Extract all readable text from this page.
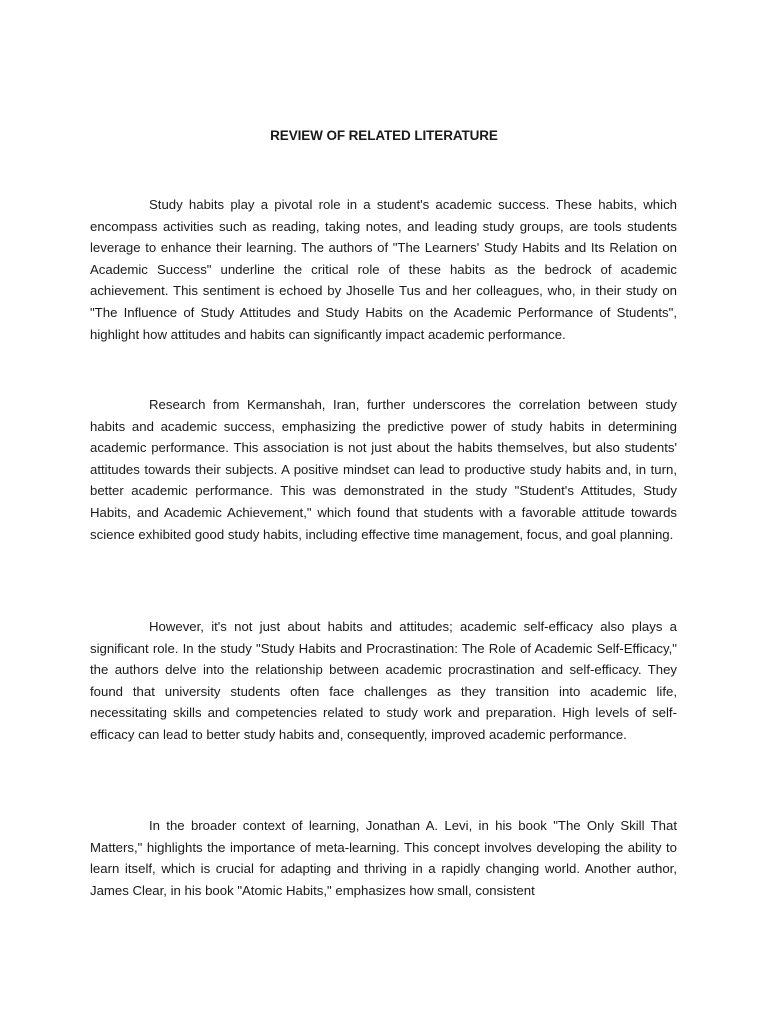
REVIEW OF RELATED LITERATURE

Study habits play a pivotal role in a student's academic success. These habits, which encompass activities such as reading, taking notes, and leading study groups, are tools students leverage to enhance their learning. The authors of "The Learners' Study Habits and Its Relation on Academic Success" underline the critical role of these habits as the bedrock of academic achievement. This sentiment is echoed by Jhoselle Tus and her colleagues, who, in their study on "The Influence of Study Attitudes and Study Habits on the Academic Performance of Students", highlight how attitudes and habits can significantly impact academic performance.

Research from Kermanshah, Iran, further underscores the correlation between study habits and academic success, emphasizing the predictive power of study habits in determining academic performance. This association is not just about the habits themselves, but also students' attitudes towards their subjects. A positive mindset can lead to productive study habits and, in turn, better academic performance. This was demonstrated in the study "Student's Attitudes, Study Habits, and Academic Achievement," which found that students with a favorable attitude towards science exhibited good study habits, including effective time management, focus, and goal planning.

However, it's not just about habits and attitudes; academic self-efficacy also plays a significant role. In the study "Study Habits and Procrastination: The Role of Academic Self-Efficacy," the authors delve into the relationship between academic procrastination and self-efficacy. They found that university students often face challenges as they transition into academic life, necessitating skills and competencies related to study work and preparation. High levels of self-efficacy can lead to better study habits and, consequently, improved academic performance.

In the broader context of learning, Jonathan A. Levi, in his book "The Only Skill That Matters," highlights the importance of meta-learning. This concept involves developing the ability to learn itself, which is crucial for adapting and thriving in a rapidly changing world. Another author, James Clear, in his book "Atomic Habits," emphasizes how small, consistent
